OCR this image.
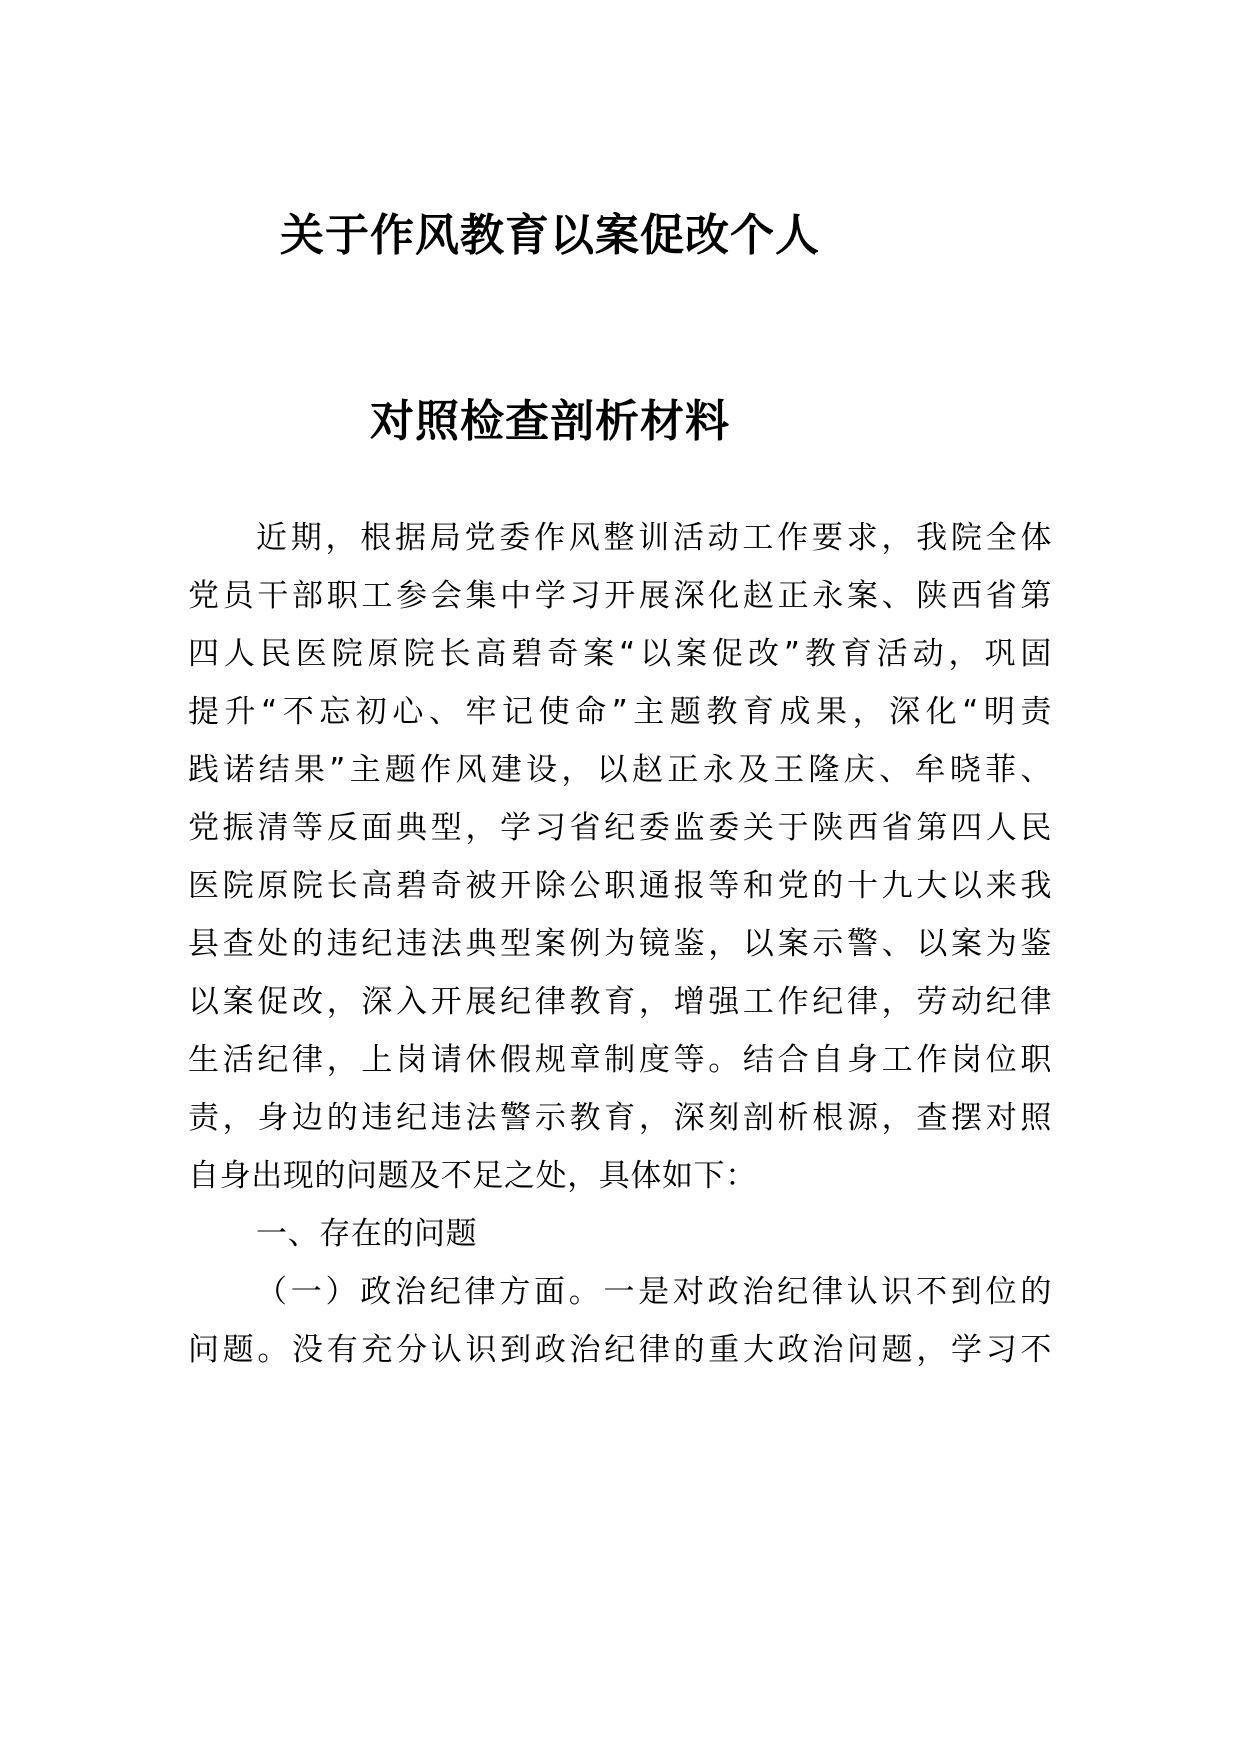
关于作风教育以案促改个人
对照检查剖析材料
近期，根据局党委作风整训活动工作要求，我院全体
党员干部职工参会集中学习开展深化赵正永案、陕西省第
四人民医院原院长高碧奇案“以案促改”教育活动，巩固
提升“不忘初心、牢记使命”主题教育成果，深化“明责
践诺结果”主题作风建设，以赵正永及王隆庆、牟晓菲、
党振清等反面典型，学习省纪委监委关于陕西省第四人民
医院原院长高碧奇被开除公职通报等和党的十九大以来我
县查处的违纪违法典型案例为镜鉴，以案示警、以案为鉴
以案促改，深入开展纪律教育，增强工作纪律，劳动纪律
生活纪律，上岗请休假规章制度等。结合自身工作岗位职
责，身边的违纪违法警示教育，深刻剖析根源，查摆对照
自身出现的问题及不足之处，具体如下：
一、存在的问题
（一）政治纪律方面。一是对政治纪律认识不到位的
问题。没有充分认识到政治纪律的重大政治问题，学习不
